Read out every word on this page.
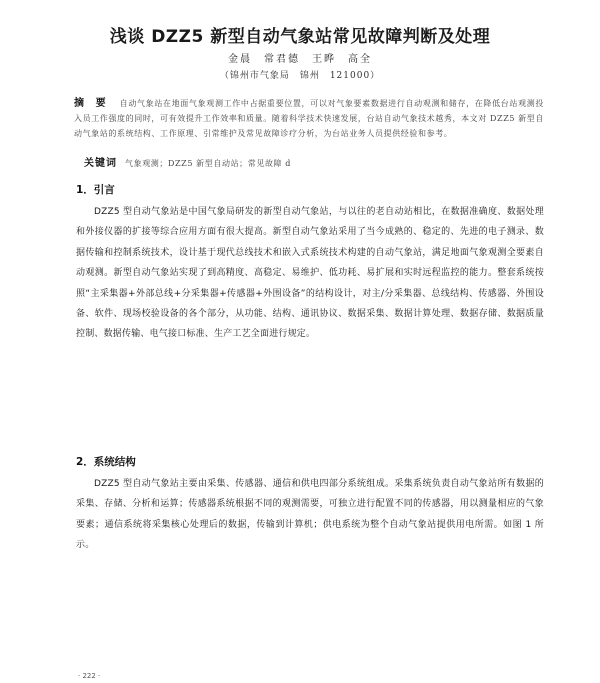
浅谈 DZZ5 新型自动气象站常见故障判断及处理
金晨　常君德　王晔　高全
（锦州市气象局　锦州　121000）
摘 要 自动气象站在地面气象观测工作中占据重要位置，可以对气象要素数据进行自动观测和储存，在降低台站观测投入员工作强度的同时，可有效提升工作效率和质量。随着科学技术快速发展，台站自动气象技术越秀，本文对 DZZ5 新型自动气象站的系统结构、工作原理、引常维护及常见故障诊疗分析，为台站业务人员提供经验和参考。
关键词 气象观测；DZZ5 新型自动站；常见故障 d
1．引言
DZZ5 型自动气象站是中国气象局研发的新型自动气象站，与以往的老自动站相比，在数据准确度、数据处理和外接仪器的扩接等综合应用方面有很大提高。新型自动气象站采用了当今成熟的、稳定的、先进的电子测录、数据传输和控制系统技术，设计基于现代总线技术和嵌入式系统技术构建的自动气象站，满足地面气象观测全要素自动观测。新型自动气象站实现了到高精度、高稳定、易维护、低功耗、易扩展和实时远程监控的能力。整套系统按照“主采集器+外部总线+分采集器+传感器+外围设备”的结构设计，对主/分采集器、总线结构、传感器、外围设备、软件、现场校验设备的各个部分，从功能、结构、通讯协议、数据采集、数据计算处理、数据存储、数据质量控制、数据传输、电气接口标准、生产工艺全面进行规定。
2．系统结构
DZZ5 型自动气象站主要由采集、传感器、通信和供电四部分系统组成。采集系统负责自动气象站所有数据的采集、存储、分析和运算；传感器系统根据不同的观测需要，可独立进行配置不同的传感器，用以测量相应的气象要素；通信系统将采集核心处理后的数据，传输到计算机；供电系统为整个自动气象站提供用电所需。如图 1 所示。
· 222 ·
